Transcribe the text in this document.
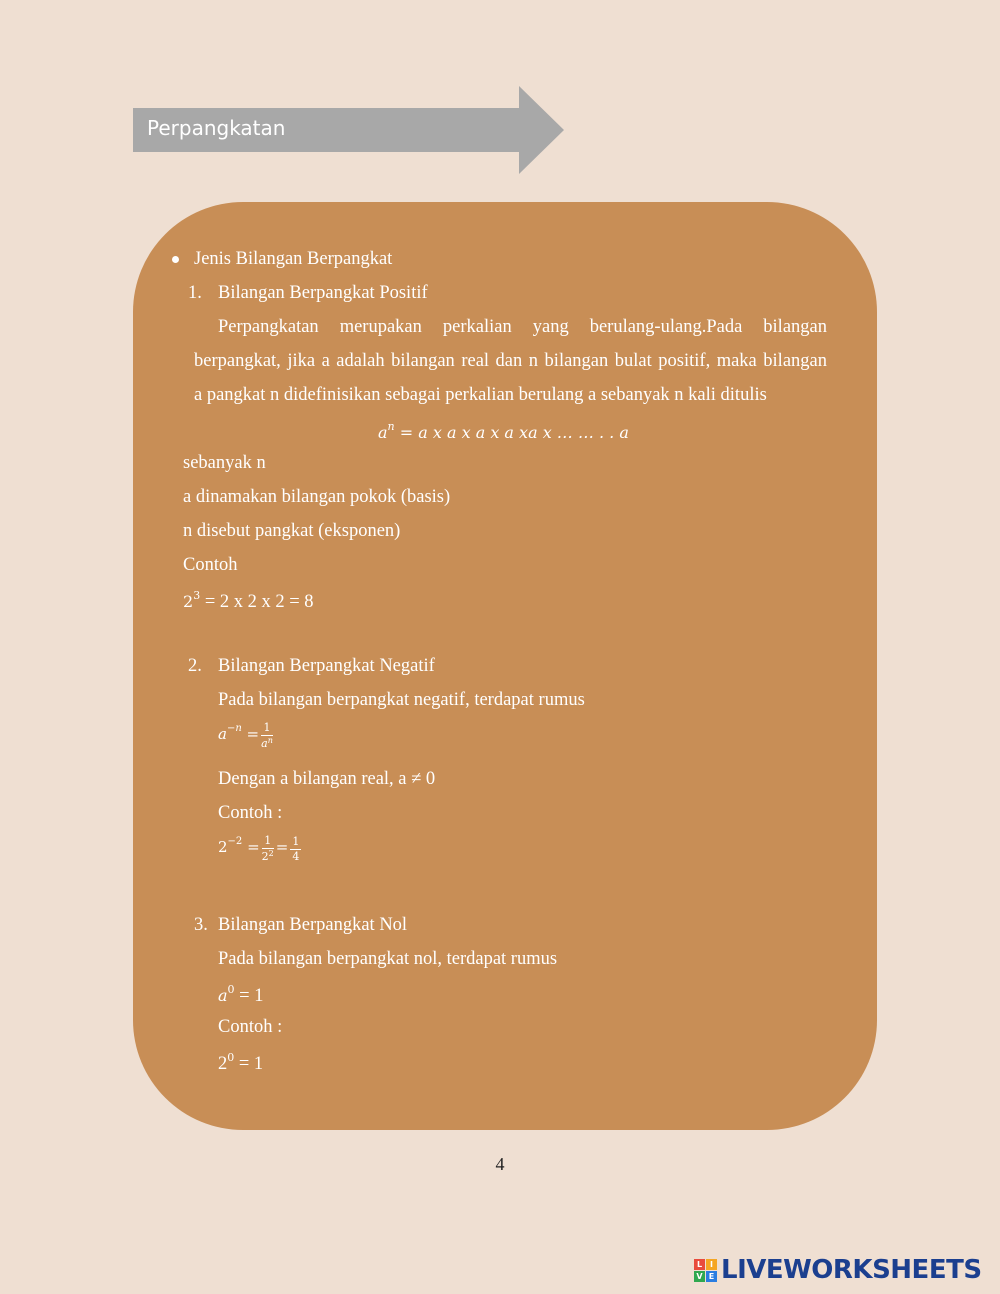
Perpangkatan
Jenis Bilangan Berpangkat
1. Bilangan Berpangkat Positif
Perpangkatan merupakan perkalian yang berulang-ulang.Pada bilangan
berpangkat, jika a adalah bilangan real dan n bilangan bulat positif, maka bilangan
a pangkat n didefinisikan sebagai perkalian berulang a sebanyak n kali ditulis
$a^n = a$ x a x a x a xa x … … . . a
sebanyak n
a dinamakan bilangan pokok (basis)
n disebut pangkat (eksponen)
Contoh
$2^3 = 2$ x 2 x 2 = 8
2. Bilangan Berpangkat Negatif
Pada bilangan berpangkat negatif, terdapat rumus
$a^{-n} = \frac{1}{a^n}$
Dengan a bilangan real, a ≠ 0
Contoh :
$2^{-2} = \frac{1}{2^2} = \frac{1}{4}$
3. Bilangan Berpangkat Nol
Pada bilangan berpangkat nol, terdapat rumus
$a^0 = 1$
Contoh :
$2^0 = 1$
4
L I
V E LIVEWORKSHEETS
